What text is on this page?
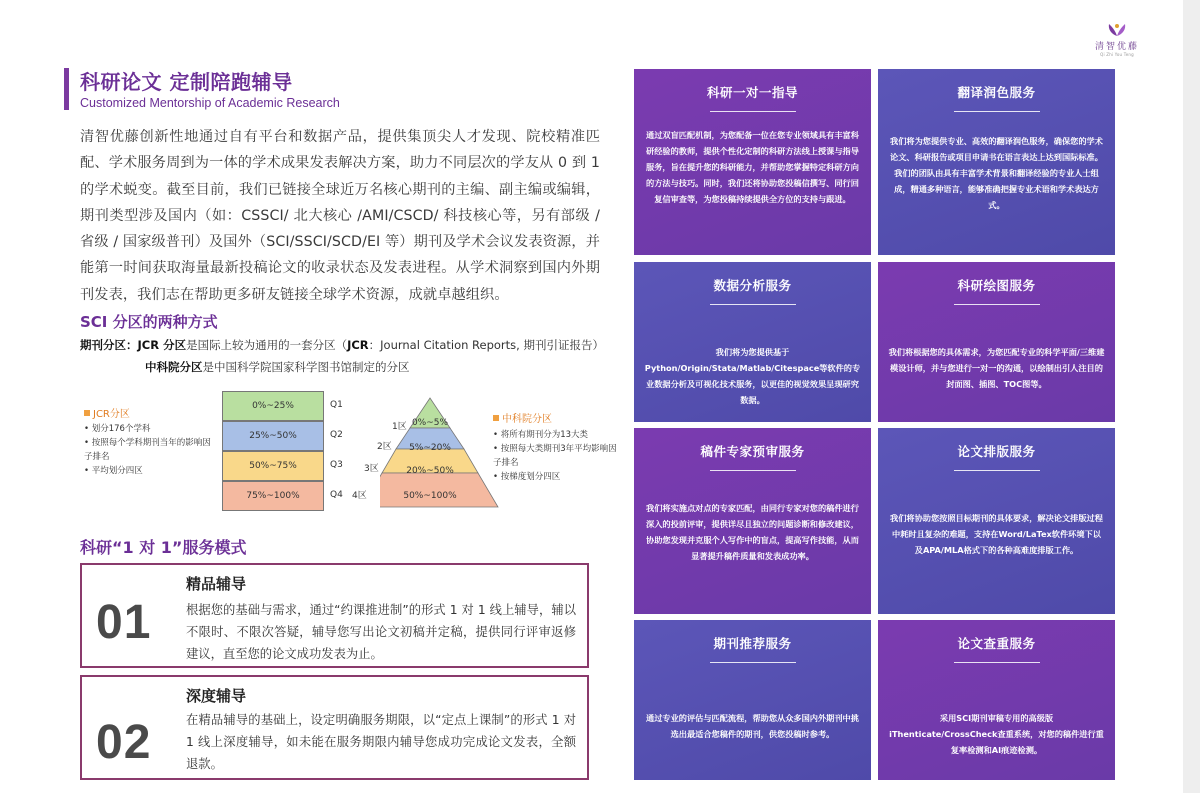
清智优藤
Qi Zhi You Teng
科研论文 定制陪跑辅导
Customized Mentorship of Academic Research

清智优藤创新性地通过自有平台和数据产品，提供集顶尖人才发现、院校精准匹配、学术服务周到为一体的学术成果发表解决方案，助力不同层次的学友从 0 到 1 的学术蜕变。截至目前，我们已链接全球近万名核心期刊的主编、副主编或编辑，期刊类型涉及国内（如：CSSCI/ 北大核心 /AMI/CSCD/ 科技核心等，另有部级 / 省级 / 国家级普刊）及国外（SCI/SSCI/SCD/EI 等）期刊及学术会议发表资源，并能第一时间获取海量最新投稿论文的收录状态及发表进程。从学术洞察到国内外期刊发表，我们志在帮助更多研友链接全球学术资源，成就卓越组织。

SCI 分区的两种方式
期刊分区：JCR 分区是国际上较为通用的一套分区（JCR：Journal Citation Reports, 期刊引证报告）
中科院分区是中国科学院国家科学图书馆制定的分区
JCR分区
• 划分176个学科
• 按照每个学科期刊当年的影响因子排名
• 平均划分四区
0%~25%
25%~50%
50%~75%
75%~100%
Q1
Q2
Q3
Q4
1区
2区
3区
4区
0%~5%
5%~20%
20%~50%
50%~100%
中科院分区
• 将所有期刊分为13大类
• 按照每大类期刊3年平均影响因子排名
• 按梯度划分四区
科研“1 对 1”服务模式
01
精品辅导
根据您的基础与需求，通过“约课推进制”的形式 1 对 1 线上辅导，辅以不限时、不限次答疑，辅导您写出论文初稿并定稿，提供同行评审返修建议，直至您的论文成功发表为止。
02
深度辅导
在精品辅导的基础上，设定明确服务期限，以“定点上课制”的形式 1 对 1 线上深度辅导，如未能在服务期限内辅导您成功完成论文发表，全额退款。
科研一对一指导
通过双盲匹配机制，为您配备一位在您专业领域具有丰富科研经验的教师，提供个性化定制的科研方法线上授课与指导服务，旨在提升您的科研能力，并帮助您掌握特定科研方向的方法与技巧。同时，我们还将协助您投稿信撰写、同行回复信审查等，为您投稿持续提供全方位的支持与跟进。
翻译润色服务
我们将为您提供专业、高效的翻译润色服务，确保您的学术论文、科研报告或项目申请书在语言表达上达到国际标准。我们的团队由具有丰富学术背景和翻译经验的专业人士组成，精通多种语言，能够准确把握专业术语和学术表达方式。
数据分析服务
我们将为您提供基于Python/Origin/Stata/Matlab/Citespace等软件的专业数据分析及可视化技术服务，以更佳的视觉效果呈现研究数据。
科研绘图服务
我们将根据您的具体需求，为您匹配专业的科学平面/三维建模设计师，并与您进行一对一的沟通，以绘制出引人注目的封面图、插图、TOC图等。
稿件专家预审服务
我们将实施点对点的专家匹配，由同行专家对您的稿件进行深入的投前评审，提供详尽且独立的问题诊断和修改建议，协助您发现并克服个人写作中的盲点，提高写作技能，从而显著提升稿件质量和发表成功率。
论文排版服务
我们将协助您按照目标期刊的具体要求，解决论文排版过程中耗时且复杂的难题，支持在Word/LaTex软件环境下以及APA/MLA格式下的各种高难度排版工作。
期刊推荐服务
通过专业的评估与匹配流程，帮助您从众多国内外期刊中挑选出最适合您稿件的期刊，供您投稿时参考。
论文查重服务
采用SCI期刊审稿专用的高级版iThenticate/CrossCheck查重系统，对您的稿件进行重复率检测和AI痕迹检测。
